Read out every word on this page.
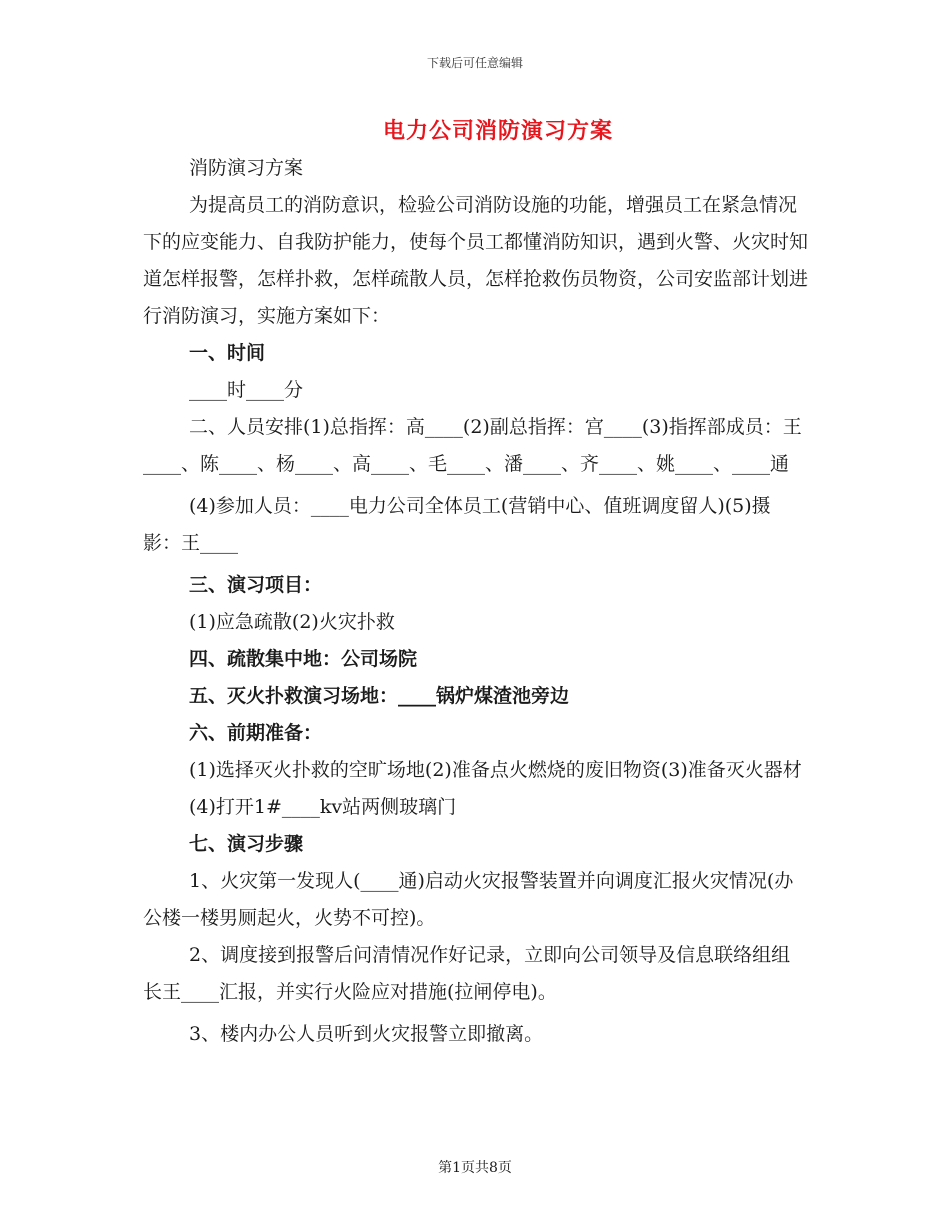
下载后可任意编辑
电力公司消防演习方案

消防演习方案

为提高员工的消防意识，检验公司消防设施的功能，增强员工在紧急情况下的应变能力、自我防护能力，使每个员工都懂消防知识，遇到火警、火灾时知道怎样报警，怎样扑救，怎样疏散人员，怎样抢救伤员物资，公司安监部计划进行消防演习，实施方案如下：

一、时间

____时____分

二、人员安排(1)总指挥：高____(2)副总指挥：宫____(3)指挥部成员：王____、陈____、杨____、高____、毛____、潘____、齐____、姚____、____通

(4)参加人员：____电力公司全体员工(营销中心、值班调度留人)(5)摄影：王____

三、演习项目：

(1)应急疏散(2)火灾扑救

四、疏散集中地：公司场院

五、灭火扑救演习场地：____锅炉煤渣池旁边

六、前期准备：

(1)选择灭火扑救的空旷场地(2)准备点火燃烧的废旧物资(3)准备灭火器材

(4)打开1#____kv站两侧玻璃门

七、演习步骤

1、火灾第一发现人(____通)启动火灾报警装置并向调度汇报火灾情况(办公楼一楼男厕起火，火势不可控)。

2、调度接到报警后问清情况作好记录，立即向公司领导及信息联络组组长王____汇报，并实行火险应对措施(拉闸停电)。

3、楼内办公人员听到火灾报警立即撤离。

第1页共8页
